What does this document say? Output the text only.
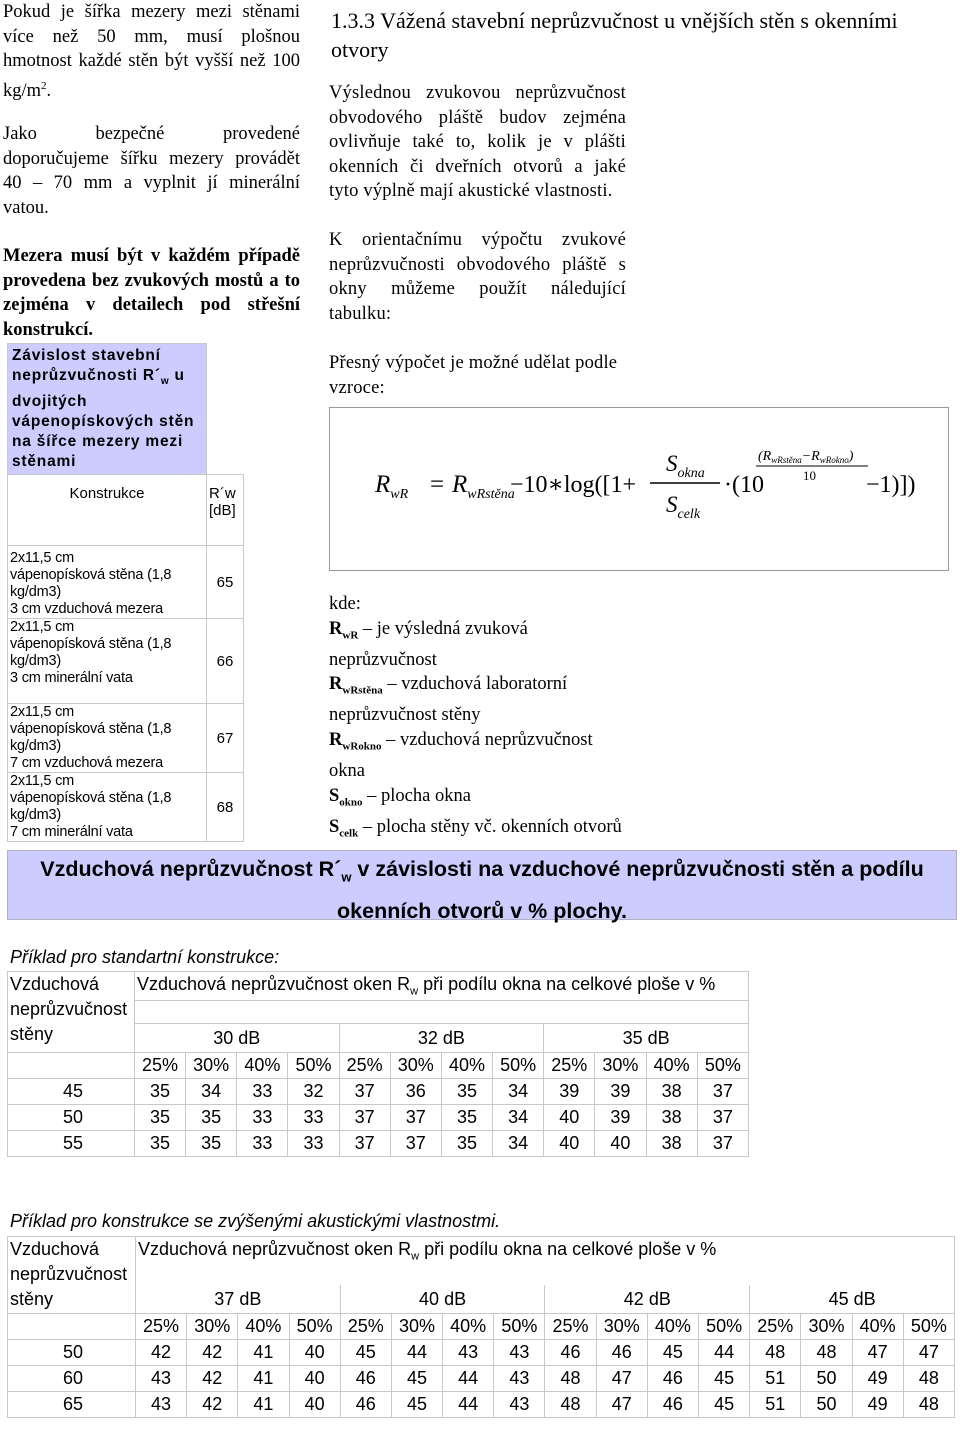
Pokud je šířka mezery mezi stěnami více než 50 mm, musí plošnou hmotnost každé stěn být vyšší než 100 $kg/m^2$.

Jako bezpečné provedené doporučujeme šířku mezery provádět 40 – 70 mm a vyplnit jí minerální vatou.

Mezera musí být v každém případě provedena bez zvukových mostů a to zejména v detailech pod střešní konstrukcí.

Závislost stavební neprůzvučnosti $R´_w$ u dvojitých vápenopískových stěn na šířce mezery mezi stěnami	
Konstrukce	R´w [dB]

2x11,5 cm
vápenopísková stěna (1,8
kg/dm3)
3 cm vzduchová mezera	65

2x11,5 cm
vápenopísková stěna (1,8
kg/dm3)
3 cm minerální vata	66

2x11,5 cm
vápenopísková stěna (1,8
kg/dm3)
7 cm vzduchová mezera	67

2x11,5 cm
vápenopísková stěna (1,8
kg/dm3)
7 cm minerální vata	68
1.3.3 Vážená stavební neprůzvučnost u vnějších stěn s okenními otvory

Výslednou zvukovou neprůzvučnost obvodového pláště budov zejména ovlivňuje také to, kolik je v plášti okenních či dveřních otvorů a jaké tyto výplně mají akustické vlastnosti.

K orientačnímu výpočtu zvukové neprůzvučnosti obvodového pláště s okny můžeme použít náledující tabulku:

Přesný výpočet je možné udělat podle vzroce:

$R_{wR} = R_{wRstěna}$
−10∗log([1+
$S_{okna}$
$S_{celk}$
·(10
$(R_{wRstěna}-R_{wRokno})$
10 −1)])
kde:
$R_{wR}$ – je výsledná zvuková neprůzvučnost
$R_{wRstěna}$ – vzduchová laboratorní neprůzvučnost stěny
$R_{wRokno}$ – vzduchová neprůzvučnost okna
$S_{okno}$ – plocha okna
$S_{celk}$ – plocha stěny vč. okenních otvorů
Vzduchová neprůzvučnost $R´_w$ v závislosti na vzduchové neprůzvučnosti stěn a podílu
okenních otvorů v % plochy.
Příklad pro standartní konstrukce:
Vzduchová neprůzvučnost stěny	Vzduchová neprůzvučnost oken $R_w$ při podílu okna na celkové ploše v %											

	30 dB				32 dB				35 dB			
	25%	30%	40%	50%	25%	30%	40%	50%	25%	30%	40%	50%
45	35	34	33	32	37	36	35	34	39	39	38	37
50	35	35	33	33	37	37	35	34	40	39	38	37
55	35	35	33	33	37	37	35	34	40	40	38	37
Příklad pro konstrukce se zvýšenými akustickými vlastnostmi.
Vzduchová neprůzvučnost stěny	Vzduchová neprůzvučnost oken $R_w$ při podílu okna na celkové ploše v %															

	37 dB				40 dB				42 dB				45 dB			
	25%	30%	40%	50%	25%	30%	40%	50%	25%	30%	40%	50%	25%	30%	40%	50%
50	42	42	41	40	45	44	43	43	46	46	45	44	48	48	47	47
60	43	42	41	40	46	45	44	43	48	47	46	45	51	50	49	48
65	43	42	41	40	46	45	44	43	48	47	46	45	51	50	49	48
